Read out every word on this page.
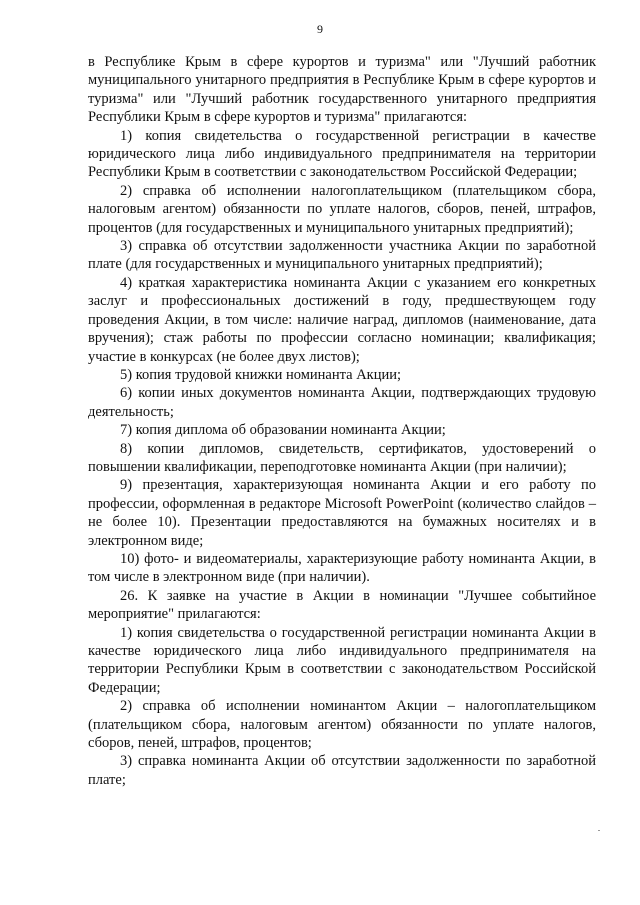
9

в Республике Крым в сфере курортов и туризма" или "Лучший работник муниципального унитарного предприятия в Республике Крым в сфере курортов и туризма" или "Лучший работник государственного унитарного предприятия Республики Крым в сфере курортов и туризма" прилагаются:

1) копия свидетельства о государственной регистрации в качестве юридического лица либо индивидуального предпринимателя на территории Республики Крым в соответствии с законодательством Российской Федерации;

2) справка об исполнении налогоплательщиком (плательщиком сбора, налоговым агентом) обязанности по уплате налогов, сборов, пеней, штрафов, процентов (для государственных и муниципального унитарных предприятий);

3) справка об отсутствии задолженности участника Акции по заработной плате (для государственных и муниципального унитарных предприятий);

4) краткая характеристика номинанта Акции с указанием его конкретных заслуг и профессиональных достижений в году, предшествующем году проведения Акции, в том числе: наличие наград, дипломов (наименование, дата вручения); стаж работы по профессии согласно номинации; квалификация; участие в конкурсах (не более двух листов);

5) копия трудовой книжки номинанта Акции;

6) копии иных документов номинанта Акции, подтверждающих трудовую деятельность;

7) копия диплома об образовании номинанта Акции;

8) копии дипломов, свидетельств, сертификатов, удостоверений о повышении квалификации, переподготовке номинанта Акции (при наличии);

9) презентация, характеризующая номинанта Акции и его работу по профессии, оформленная в редакторе Microsoft PowerPoint (количество слайдов – не более 10). Презентации предоставляются на бумажных носителях и в электронном виде;

10) фото- и видеоматериалы, характеризующие работу номинанта Акции, в том числе в электронном виде (при наличии).

26. К заявке на участие в Акции в номинации "Лучшее событийное мероприятие" прилагаются:

1) копия свидетельства о государственной регистрации номинанта Акции в качестве юридического лица либо индивидуального предпринимателя на территории Республики Крым в соответствии с законодательством Российской Федерации;

2) справка об исполнении номинантом Акции – налогоплательщиком (плательщиком сбора, налоговым агентом) обязанности по уплате налогов, сборов, пеней, штрафов, процентов;

3) справка номинанта Акции об отсутствии задолженности по заработной плате;
